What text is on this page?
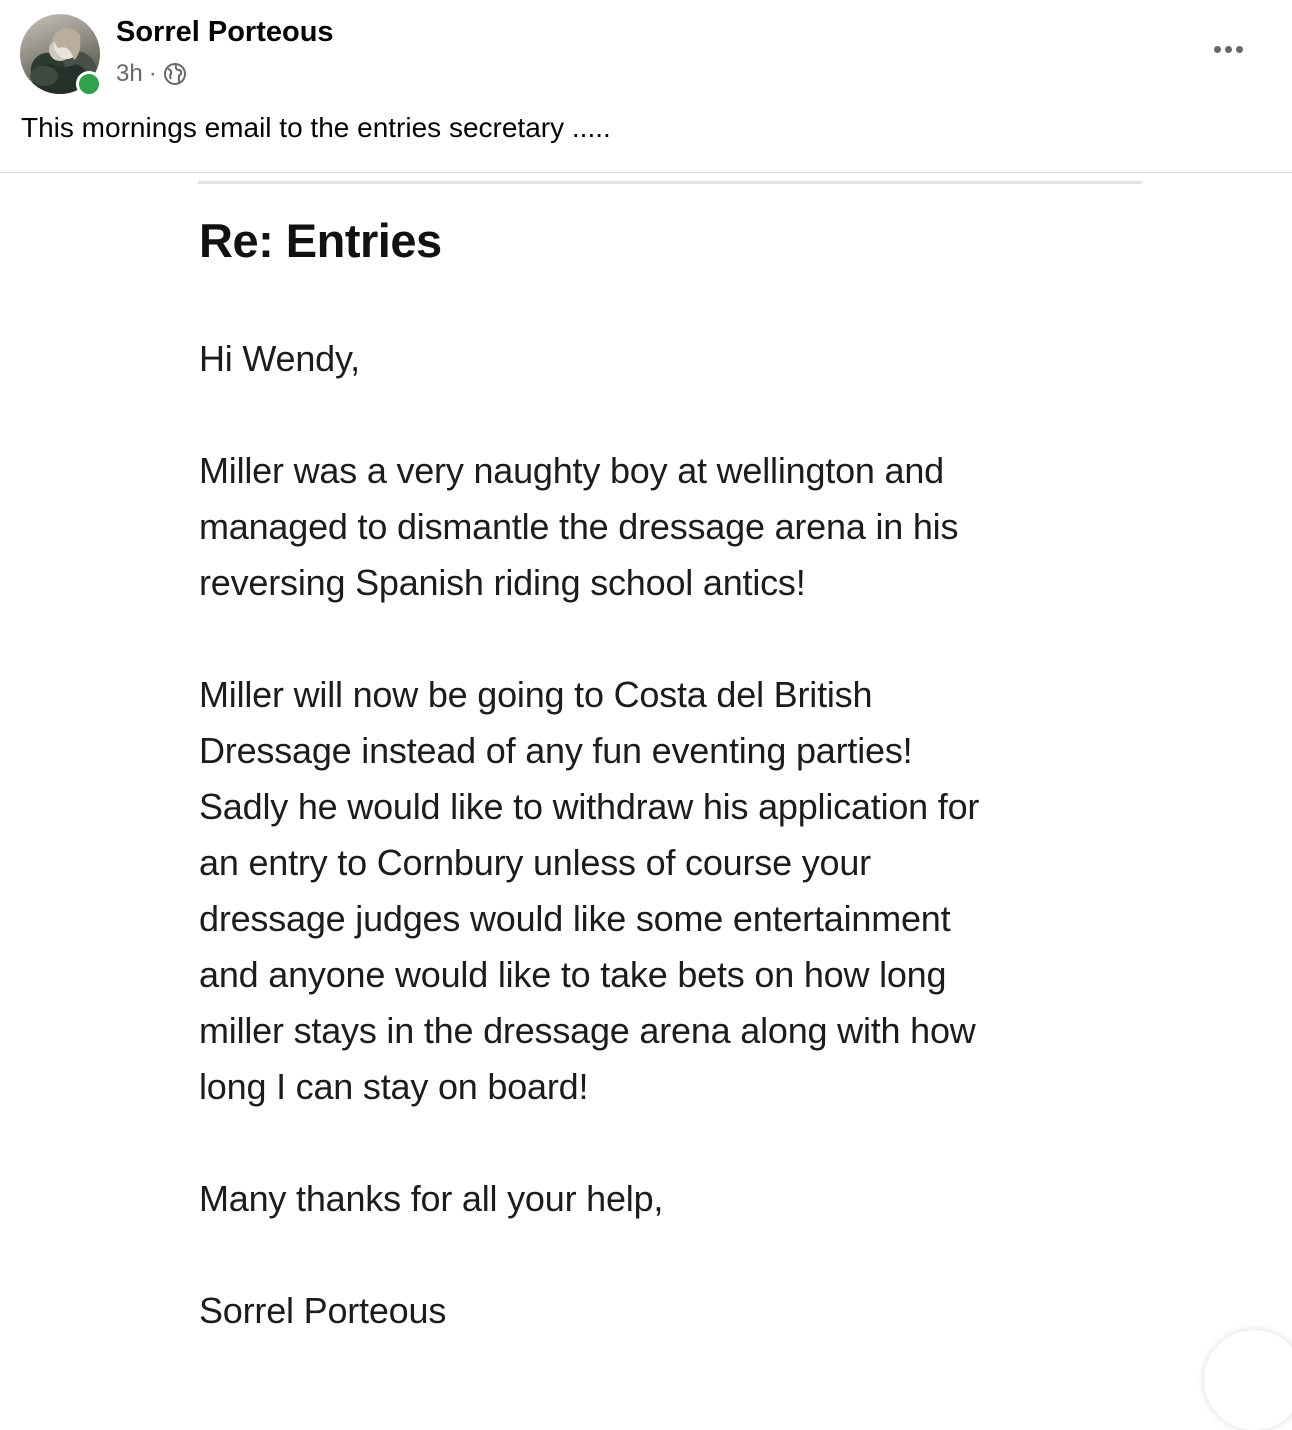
Sorrel Porteous
3h ·
This mornings email to the entries secretary .....
Re: Entries
Hi Wendy,
Miller was a very naughty boy at wellington and
managed to dismantle the dressage arena in his
reversing Spanish riding school antics!
Miller will now be going to Costa del British
Dressage instead of any fun eventing parties!
Sadly he would like to withdraw his application for
an entry to Cornbury unless of course your
dressage judges would like some entertainment
and anyone would like to take bets on how long
miller stays in the dressage arena along with how
long I can stay on board!
Many thanks for all your help,
Sorrel Porteous
